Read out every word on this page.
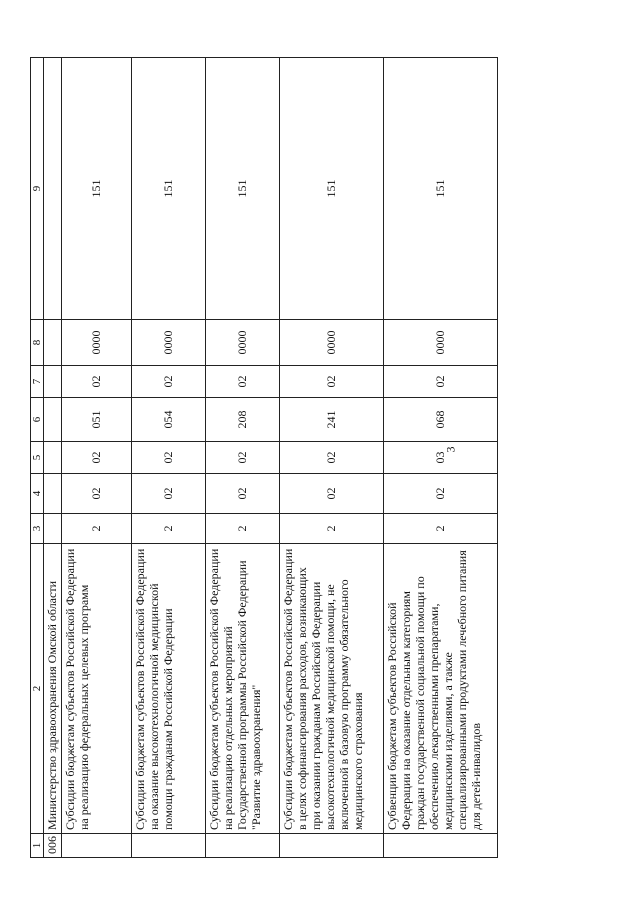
3
1	2	3	4	5	6	7	8	9
006	Министерство здравоохранения Омской области							
	Субсидии бюджетам субъектов Российской Федерации на реализацию федеральных целевых программ	2	02	02	051	02	0000	151
	Субсидии бюджетам субъектов Российской Федерации на оказание высокотехнологичной медицинской помощи гражданам Российской Федерации	2	02	02	054	02	0000	151
	Субсидии бюджетам субъектов Российской Федерации на реализацию отдельных мероприятий Государственной программы Российской Федерации "Развитие здравоохранения"	2	02	02	208	02	0000	151
	Субсидии бюджетам субъектов Российской Федерации в целях софинансирования расходов, возникающих при оказании гражданам Российской Федерации высокотехнологичной медицинской помощи, не включенной в базовую программу обязательного медицинского страхования	2	02	02	241	02	0000	151
	Субвенции бюджетам субъектов Российской Федерации на оказание отдельным категориям граждан государственной социальной помощи по обеспечению лекарственными препаратами, медицинскими изделиями, а также специализированными продуктами лечебного питания для детей-инвалидов	2	02	03	068	02	0000	151
